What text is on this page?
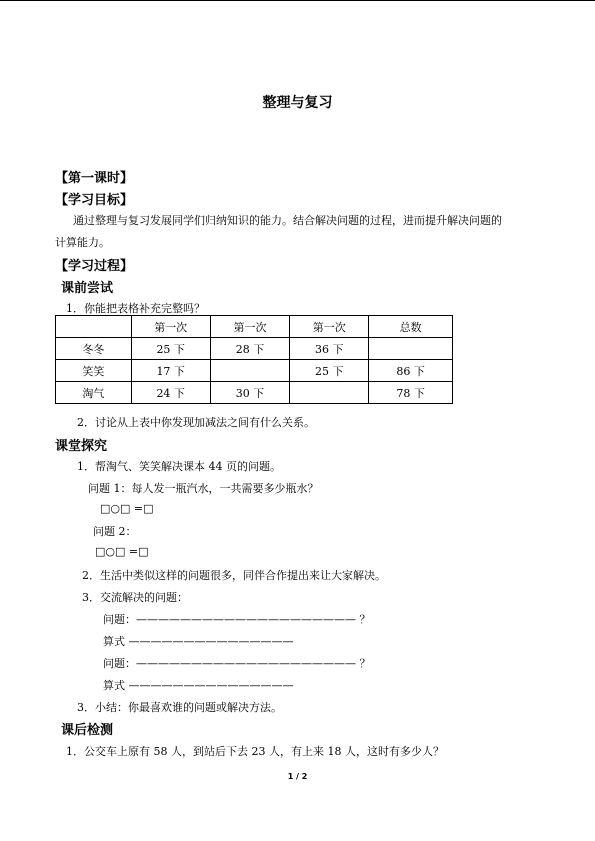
整理与复习
【第一课时】
【学习目标】
通过整理与复习发展同学们归纳知识的能力。结合解决问题的过程，进而提升解决问题的
计算能力。
【学习过程】
课前尝试
1．你能把表格补充完整吗？
	第一次	第一次	第一次	总数
冬冬	25 下	28 下	36 下	
笑笑	17 下		25 下	86 下
淘气	24 下	30 下		78 下
2．讨论从上表中你发现加减法之间有什么关系。
课堂探究
1．帮淘气、笑笑解决课本 44 页的问题。
问题 1：每人发一瓶汽水，一共需要多少瓶水？
□○□ =□
问题 2：
□○□ =□
2．生活中类似这样的问题很多，同伴合作提出来让大家解决。
3．交流解决的问题：
问题：———————————————————— ？
算式 ———————————————
问题：———————————————————— ？
算式 ———————————————
3．小结：你最喜欢谁的问题或解决方法。
课后检测
1．公交车上原有 58 人，到站后下去 23 人，有上来 18 人，这时有多少人？
1 / 2
